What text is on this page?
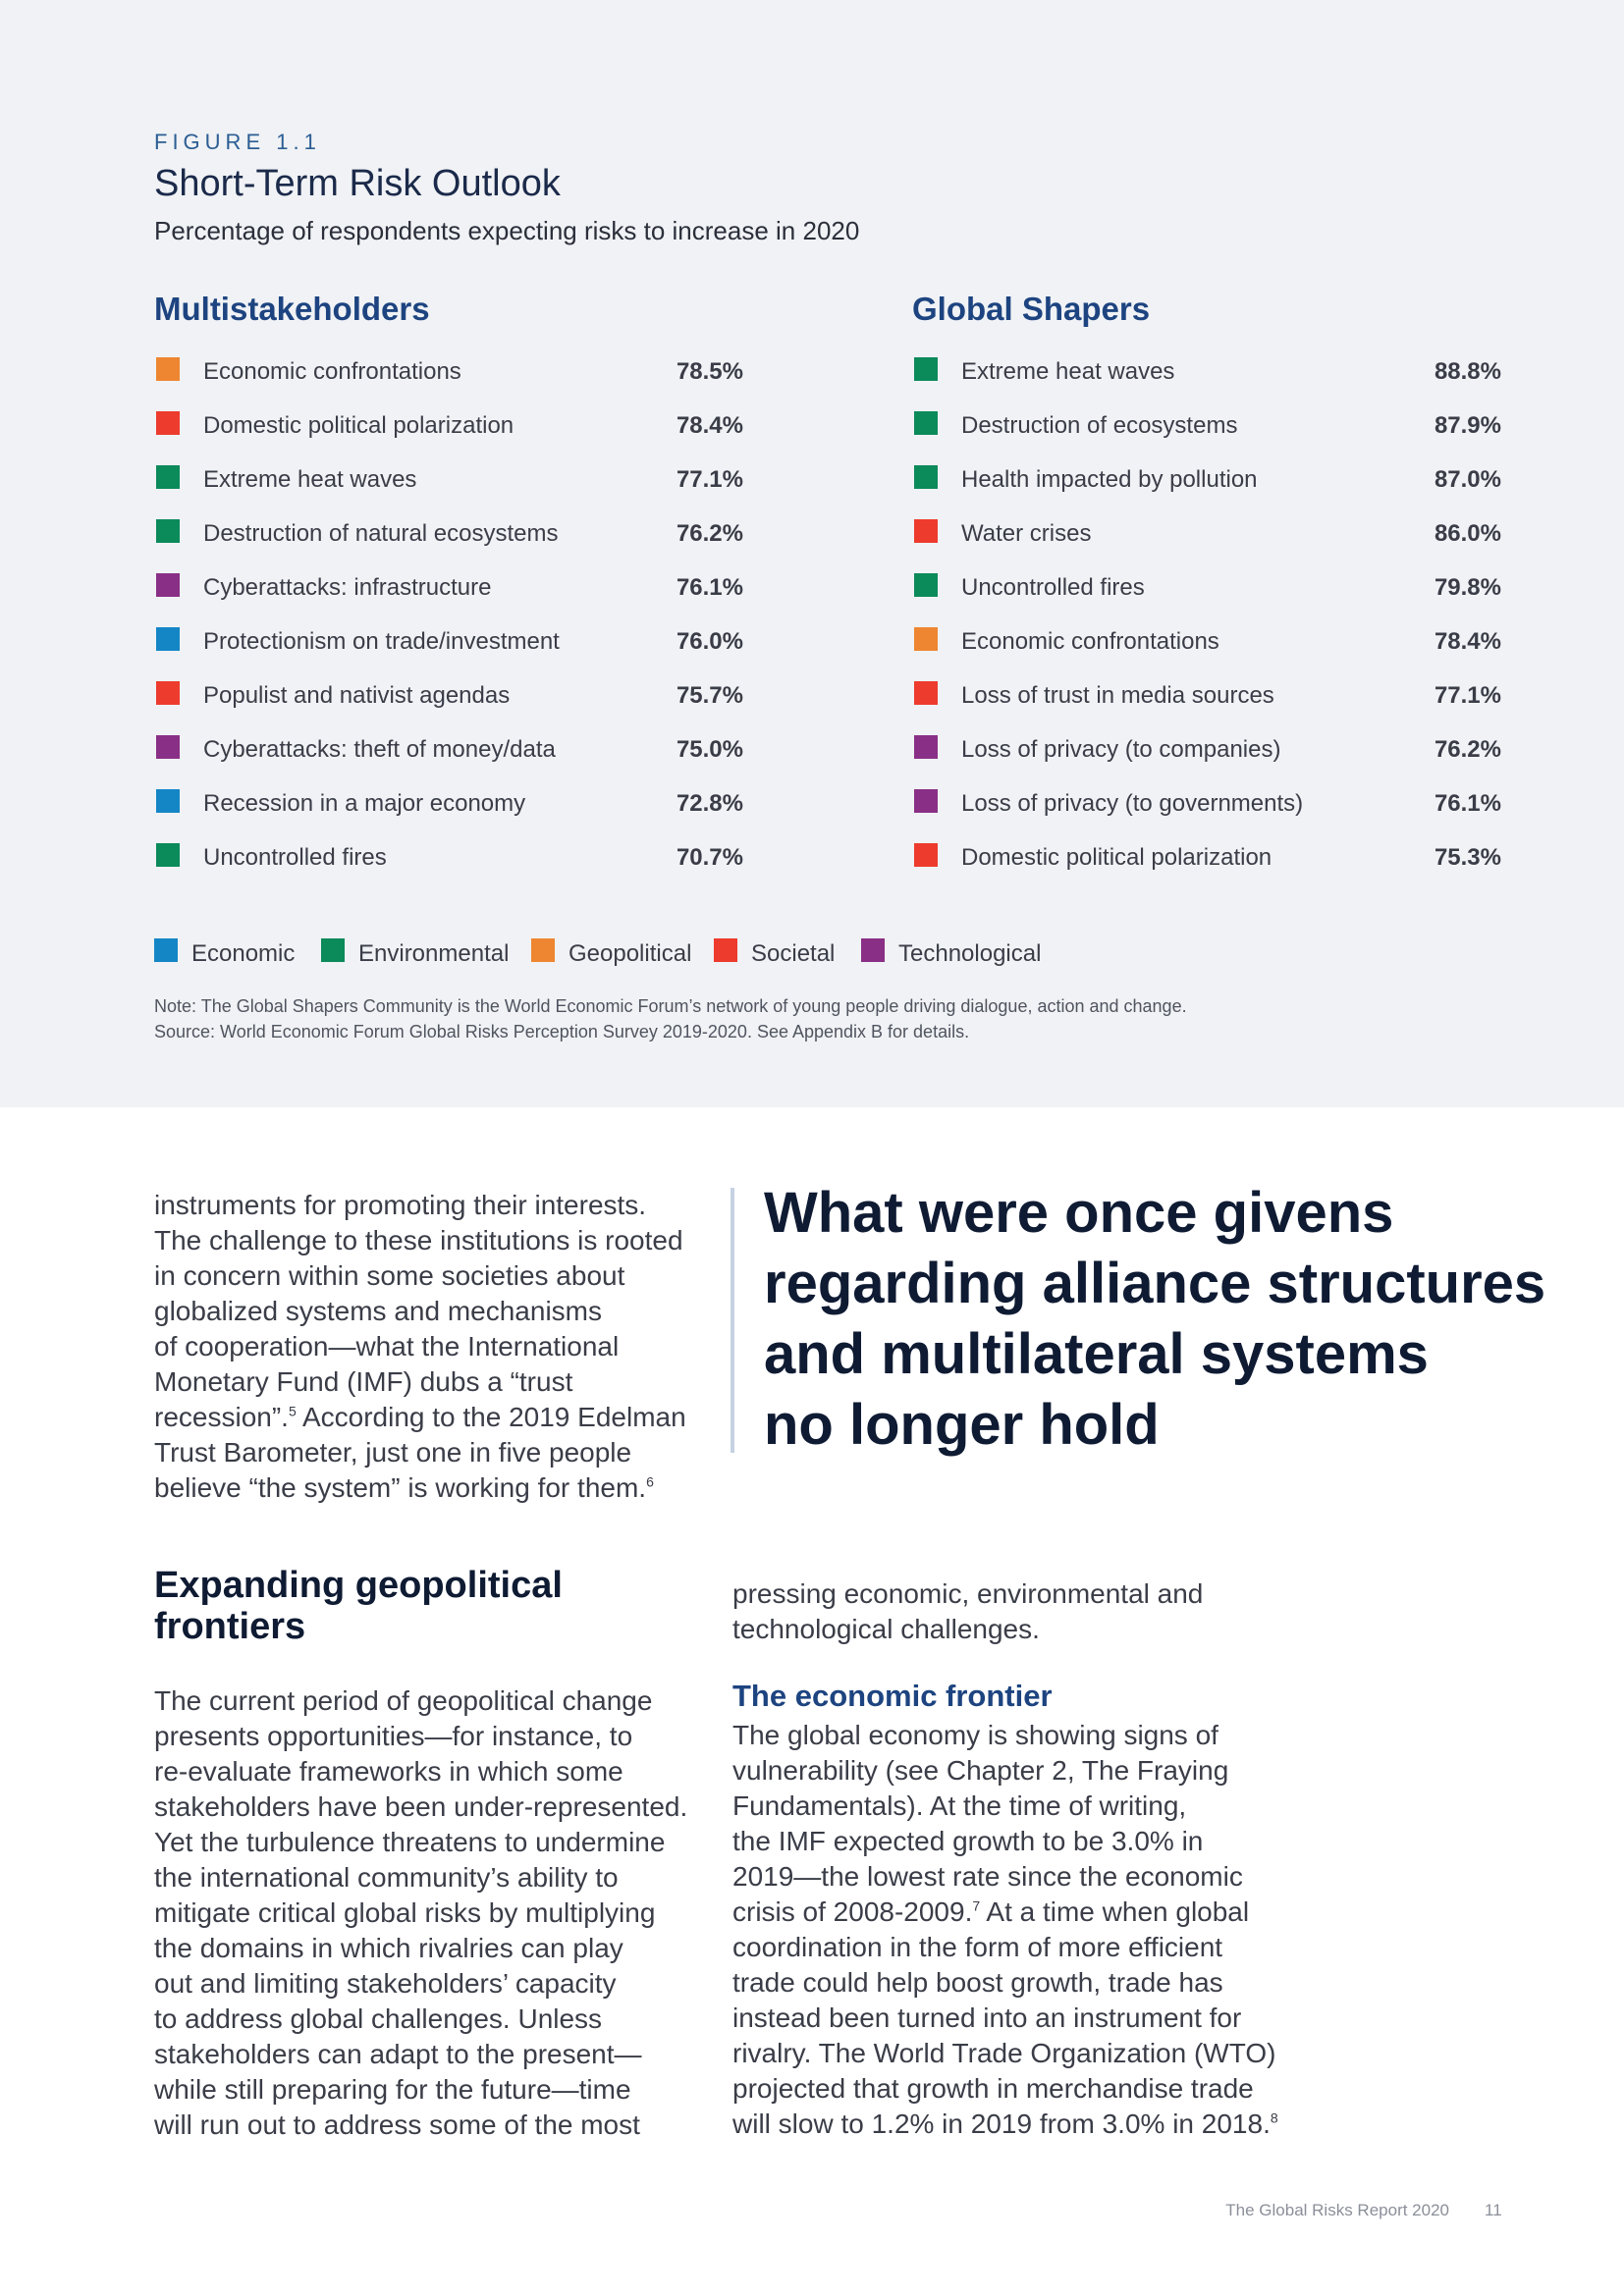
FIGURE 1.1
Short-Term Risk Outlook
Percentage of respondents expecting risks to increase in 2020
Multistakeholders
Economic confrontations	78.5%
Domestic political polarization	78.4%
Extreme heat waves	77.1%
Destruction of natural ecosystems	76.2%
Cyberattacks: infrastructure	76.1%
Protectionism on trade/investment	76.0%
Populist and nativist agendas	75.7%
Cyberattacks: theft of money/data	75.0%
Recession in a major economy	72.8%
Uncontrolled fires	70.7%
Global Shapers
Extreme heat waves	88.8%
Destruction of ecosystems	87.9%
Health impacted by pollution	87.0%
Water crises	86.0%
Uncontrolled fires	79.8%
Economic confrontations	78.4%
Loss of trust in media sources	77.1%
Loss of privacy (to companies)	76.2%
Loss of privacy (to governments)	76.1%
Domestic political polarization	75.3%
Economic	Environmental	Geopolitical	Societal	Technological
Note: The Global Shapers Community is the World Economic Forum’s network of young people driving dialogue, action and change.
Source: World Economic Forum Global Risks Perception Survey 2019-2020. See Appendix B for details.

instruments for promoting their interests.
The challenge to these institutions is rooted
in concern within some societies about
globalized systems and mechanisms
of cooperation—what the International
Monetary Fund (IMF) dubs a “trust
recession”.$^5$ According to the 2019 Edelman
Trust Barometer, just one in five people
believe “the system” is working for them.$^6$

What were once givens
regarding alliance structures
and multilateral systems
no longer hold

Expanding geopolitical
frontiers

The current period of geopolitical change
presents opportunities—for instance, to
re-evaluate frameworks in which some
stakeholders have been under-represented.
Yet the turbulence threatens to undermine
the international community’s ability to
mitigate critical global risks by multiplying
the domains in which rivalries can play
out and limiting stakeholders’ capacity
to address global challenges. Unless
stakeholders can adapt to the present—
while still preparing for the future—time
will run out to address some of the most

pressing economic, environmental and
technological challenges.

The economic frontier

The global economy is showing signs of
vulnerability (see Chapter 2, The Fraying
Fundamentals). At the time of writing,
the IMF expected growth to be 3.0% in
2019—the lowest rate since the economic
crisis of 2008-2009.$^7$ At a time when global
coordination in the form of more efficient
trade could help boost growth, trade has
instead been turned into an instrument for
rivalry. The World Trade Organization (WTO)
projected that growth in merchandise trade
will slow to 1.2% in 2019 from 3.0% in 2018.$^8$

The Global Risks Report 2020 11
